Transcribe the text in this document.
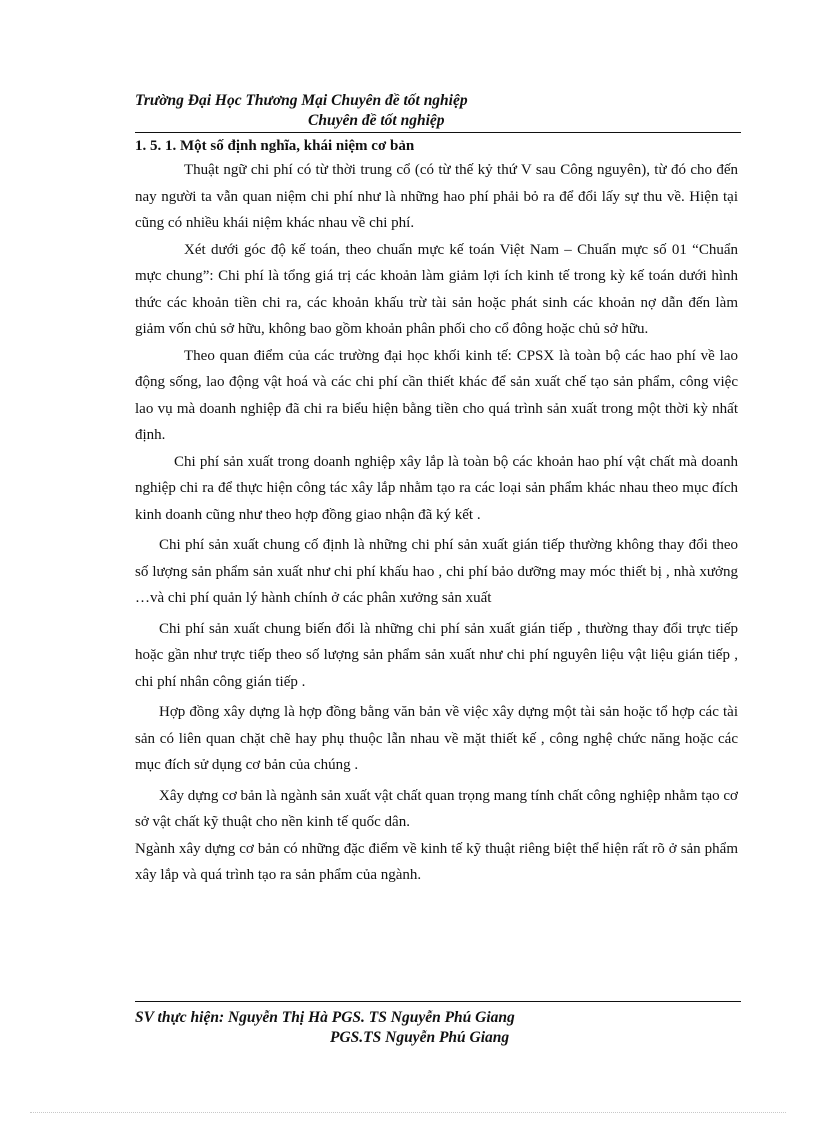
Trường Đại Học Thương Mại Chuyên đề tốt nghiệp
Chuyên đề tốt nghiệp
1. 5. 1. Một số định nghĩa, khái niệm cơ bản

Thuật ngữ chi phí có từ thời trung cổ (có từ thế kỷ thứ V sau Công nguyên), từ đó cho đến nay người ta vẫn quan niệm chi phí như là những hao phí phải bỏ ra để đổi lấy sự thu về. Hiện tại cũng có nhiều khái niệm khác nhau về chi phí.

Xét dưới góc độ kế toán, theo chuẩn mực kế toán Việt Nam – Chuẩn mực số 01 “Chuẩn mực chung”: Chi phí là tổng giá trị các khoản làm giảm lợi ích kinh tế trong kỳ kế toán dưới hình thức các khoản tiền chi ra, các khoản khấu trừ tài sản hoặc phát sinh các khoản nợ dẫn đến làm giảm vốn chủ sở hữu, không bao gồm khoản phân phối cho cổ đông hoặc chủ sở hữu.

Theo quan điểm của các trường đại học khối kinh tế: CPSX là toàn bộ các hao phí về lao động sống, lao động vật hoá và các chi phí cần thiết khác để sản xuất chế tạo sản phẩm, công việc lao vụ mà doanh nghiệp đã chi ra biểu hiện bằng tiền cho quá trình sản xuất trong một thời kỳ nhất định.

Chi phí sản xuất trong doanh nghiệp xây lắp là toàn bộ các khoản hao phí vật chất mà doanh nghiệp chi ra để thực hiện công tác xây lắp nhằm tạo ra các loại sản phẩm khác nhau theo mục đích kinh doanh cũng như theo hợp đồng giao nhận đã ký kết .

Chi phí sản xuất chung cố định là những chi phí sản xuất gián tiếp thường không thay đổi theo số lượng sản phẩm sản xuất như chi phí khấu hao , chi phí bảo dưỡng may móc thiết bị , nhà xưởng …và chi phí quản lý hành chính ở các phân xưởng sản xuất

Chi phí sản xuất chung biến đổi là những chi phí sản xuất gián tiếp , thường thay đổi trực tiếp hoặc gần như trực tiếp theo số lượng sản phẩm sản xuất như chi phí nguyên liệu vật liệu gián tiếp , chi phí nhân công gián tiếp .

Hợp đồng xây dựng là hợp đồng bằng văn bản về việc xây dựng một tài sản hoặc tổ hợp các tài sản có liên quan chặt chẽ hay phụ thuộc lẫn nhau về mặt thiết kế , công nghệ chức năng hoặc các mục đích sử dụng cơ bản của chúng .

Xây dựng cơ bản là ngành sản xuất vật chất quan trọng mang tính chất công nghiệp nhằm tạo cơ sở vật chất kỹ thuật cho nền kinh tế quốc dân.

Ngành xây dựng cơ bản có những đặc điểm về kinh tế kỹ thuật riêng biệt thể hiện rất rõ ở sản phẩm xây lắp và quá trình tạo ra sản phẩm của ngành.

SV thực hiện: Nguyễn Thị Hà PGS. TS Nguyễn Phú Giang
PGS.TS Nguyễn Phú Giang
